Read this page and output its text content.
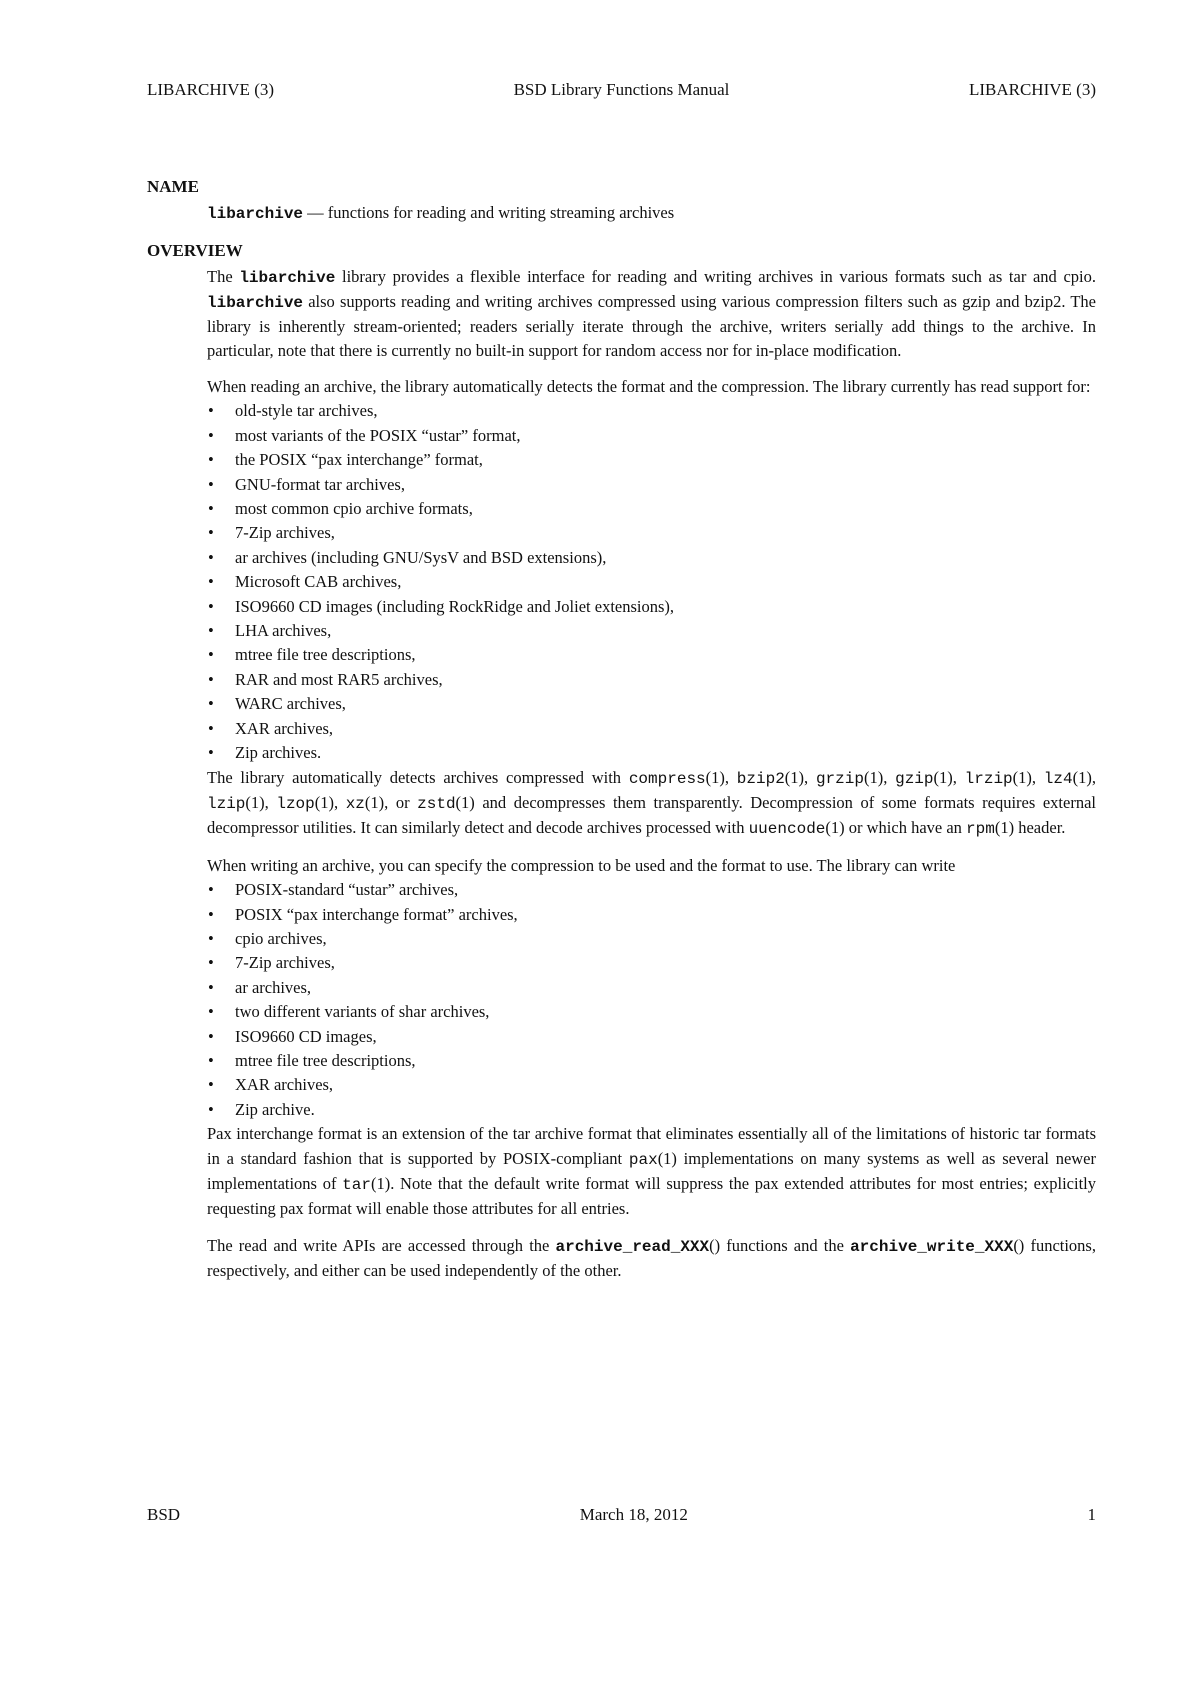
LIBARCHIVE (3)	BSD Library Functions Manual	LIBARCHIVE (3)
NAME

libarchive — functions for reading and writing streaming archives

OVERVIEW

The libarchive library provides a flexible interface for reading and writing archives in various formats such as tar and cpio. libarchive also supports reading and writing archives compressed using various compression filters such as gzip and bzip2. The library is inherently stream-oriented; readers serially iterate through the archive, writers serially add things to the archive. In particular, note that there is currently no built-in support for random access nor for in-place modification.

When reading an archive, the library automatically detects the format and the compression. The library currently has read support for:

• old-style tar archives,
• most variants of the POSIX “ustar” format,
• the POSIX “pax interchange” format,
• GNU-format tar archives,
• most common cpio archive formats,
• 7-Zip archives,
• ar archives (including GNU/SysV and BSD extensions),
• Microsoft CAB archives,
• ISO9660 CD images (including RockRidge and Joliet extensions),
• LHA archives,
• mtree file tree descriptions,
• RAR and most RAR5 archives,
• WARC archives,
• XAR archives,
• Zip archives.

The library automatically detects archives compressed with compress(1), bzip2(1), grzip(1), gzip(1), lrzip(1), lz4(1), lzip(1), lzop(1), xz(1), or zstd(1) and decompresses them transparently. Decompression of some formats requires external decompressor utilities. It can similarly detect and decode archives processed with uuencode(1) or which have an rpm(1) header.

When writing an archive, you can specify the compression to be used and the format to use. The library can write

• POSIX-standard “ustar” archives,
• POSIX “pax interchange format” archives,
• cpio archives,
• 7-Zip archives,
• ar archives,
• two different variants of shar archives,
• ISO9660 CD images,
• mtree file tree descriptions,
• XAR archives,
• Zip archive.

Pax interchange format is an extension of the tar archive format that eliminates essentially all of the limitations of historic tar formats in a standard fashion that is supported by POSIX-compliant pax(1) implementations on many systems as well as several newer implementations of tar(1). Note that the default write format will suppress the pax extended attributes for most entries; explicitly requesting pax format will enable those attributes for all entries.

The read and write APIs are accessed through the archive_read_XXX() functions and the archive_write_XXX() functions, respectively, and either can be used independently of the other.

BSD	March 18, 2012	1
